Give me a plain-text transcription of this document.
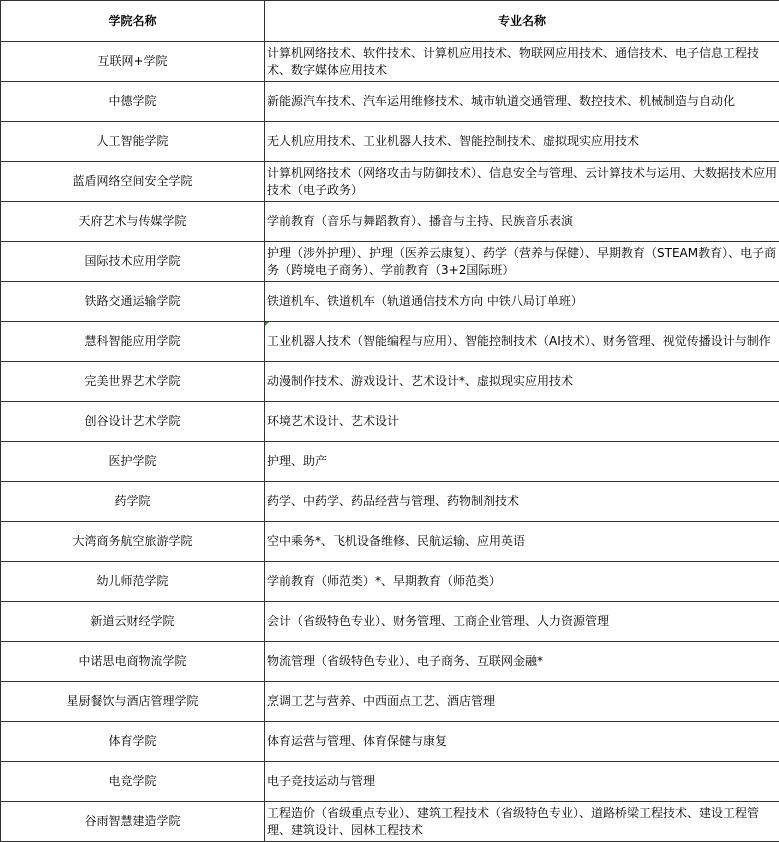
学院名称	专业名称
互联网+学院	计算机网络技术、软件技术、计算机应用技术、物联网应用技术、通信技术、电子信息工程技术、数字媒体应用技术
中德学院	新能源汽车技术、汽车运用维修技术、城市轨道交通管理、数控技术、机械制造与自动化
人工智能学院	无人机应用技术、工业机器人技术、智能控制技术、虚拟现实应用技术
蓝盾网络空间安全学院	计算机网络技术（网络攻击与防御技术）、信息安全与管理、云计算技术与运用、大数据技术应用技术（电子政务）
天府艺术与传媒学院	学前教育（音乐与舞蹈教育）、播音与主持、民族音乐表演
国际技术应用学院	护理（涉外护理）、护理（医养云康复）、药学（营养与保健）、早期教育（STEAM教育）、电子商务（跨境电子商务）、学前教育（3+2国际班）
铁路交通运输学院	铁道机车、铁道机车（轨道通信技术方向 中铁八局订单班）
慧科智能应用学院	工业机器人技术（智能编程与应用）、智能控制技术（AI技术）、财务管理、视觉传播设计与制作
完美世界艺术学院	动漫制作技术、游戏设计、艺术设计*、虚拟现实应用技术
创谷设计艺术学院	环境艺术设计、艺术设计
医护学院	护理、助产
药学院	药学、中药学、药品经营与管理、药物制剂技术
大湾商务航空旅游学院	空中乘务*、飞机设备维修、民航运输、应用英语
幼儿师范学院	学前教育（师范类）*、早期教育（师范类）
新道云财经学院	会计（省级特色专业）、财务管理、工商企业管理、人力资源管理
中诺思电商物流学院	物流管理（省级特色专业）、电子商务、互联网金融*
星厨餐饮与酒店管理学院	烹调工艺与营养、中西面点工艺、酒店管理
体育学院	体育运营与管理、体育保健与康复
电竞学院	电子竞技运动与管理
谷雨智慧建造学院	工程造价（省级重点专业）、建筑工程技术（省级特色专业）、道路桥梁工程技术、建设工程管理、建筑设计、园林工程技术
